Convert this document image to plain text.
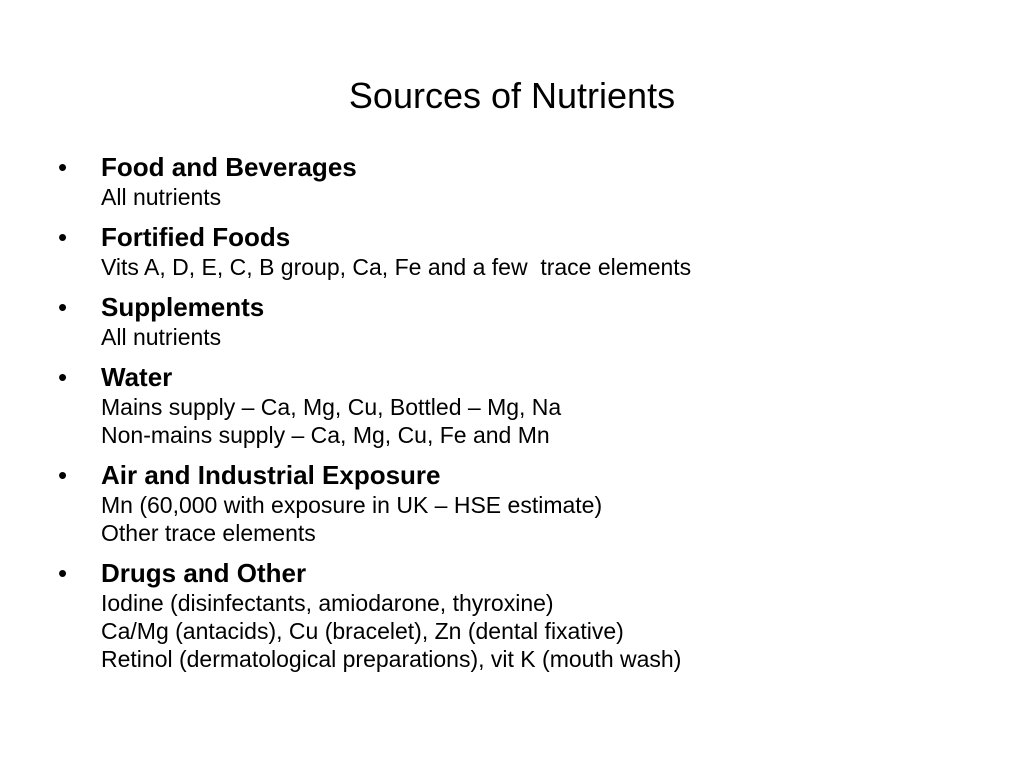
Sources of Nutrients
• Food and Beverages
All nutrients
• Fortified Foods
Vits A, D, E, C, B group, Ca, Fe and a few  trace elements
• Supplements
All nutrients
• Water
Mains supply – Ca, Mg, Cu, Bottled – Mg, Na
Non-mains supply – Ca, Mg, Cu, Fe and Mn
• Air and Industrial Exposure
Mn (60,000 with exposure in UK – HSE estimate)
Other trace elements
• Drugs and Other
Iodine (disinfectants, amiodarone, thyroxine)
Ca/Mg (antacids), Cu (bracelet), Zn (dental fixative)
Retinol (dermatological preparations), vit K (mouth wash)
